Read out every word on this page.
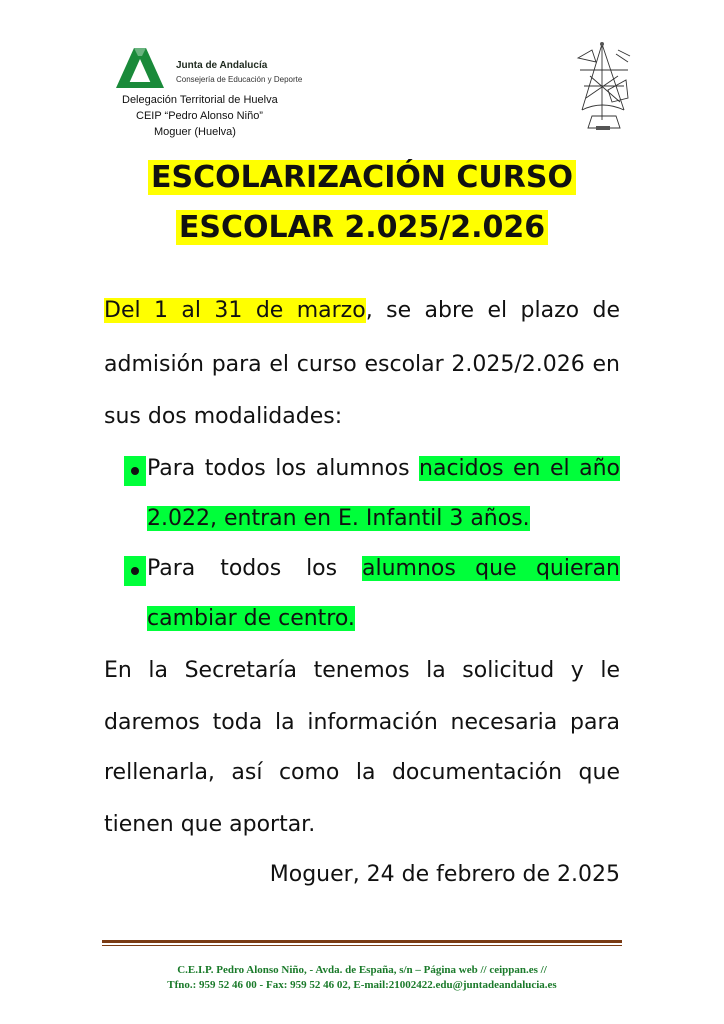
Junta de Andalucía
Consejería de Educación y Deporte
Delegación Territorial de Huelva
CEIP “Pedro Alonso Niño”
Moguer (Huelva)
ESCOLARIZACIÓN CURSO
ESCOLAR 2.025/2.026
Del 1 al 31 de marzo, se abre el plazo de
admisión para el curso escolar 2.025/2.026 en
sus dos modalidades:
Para todos los alumnos nacidos en el año
2.022, entran en E. Infantil 3 años.
Para todos los alumnos que quieran
cambiar de centro.
En la Secretaría tenemos la solicitud y le
daremos toda la información necesaria para
rellenarla, así como la documentación que
tienen que aportar.
Moguer, 24 de febrero de 2.025
C.E.I.P. Pedro Alonso Niño, - Avda. de España, s/n – Página web // ceippan.es //
Tfno.: 959 52 46 00 - Fax: 959 52 46 02, E-mail:21002422.edu@juntadeandalucia.es
